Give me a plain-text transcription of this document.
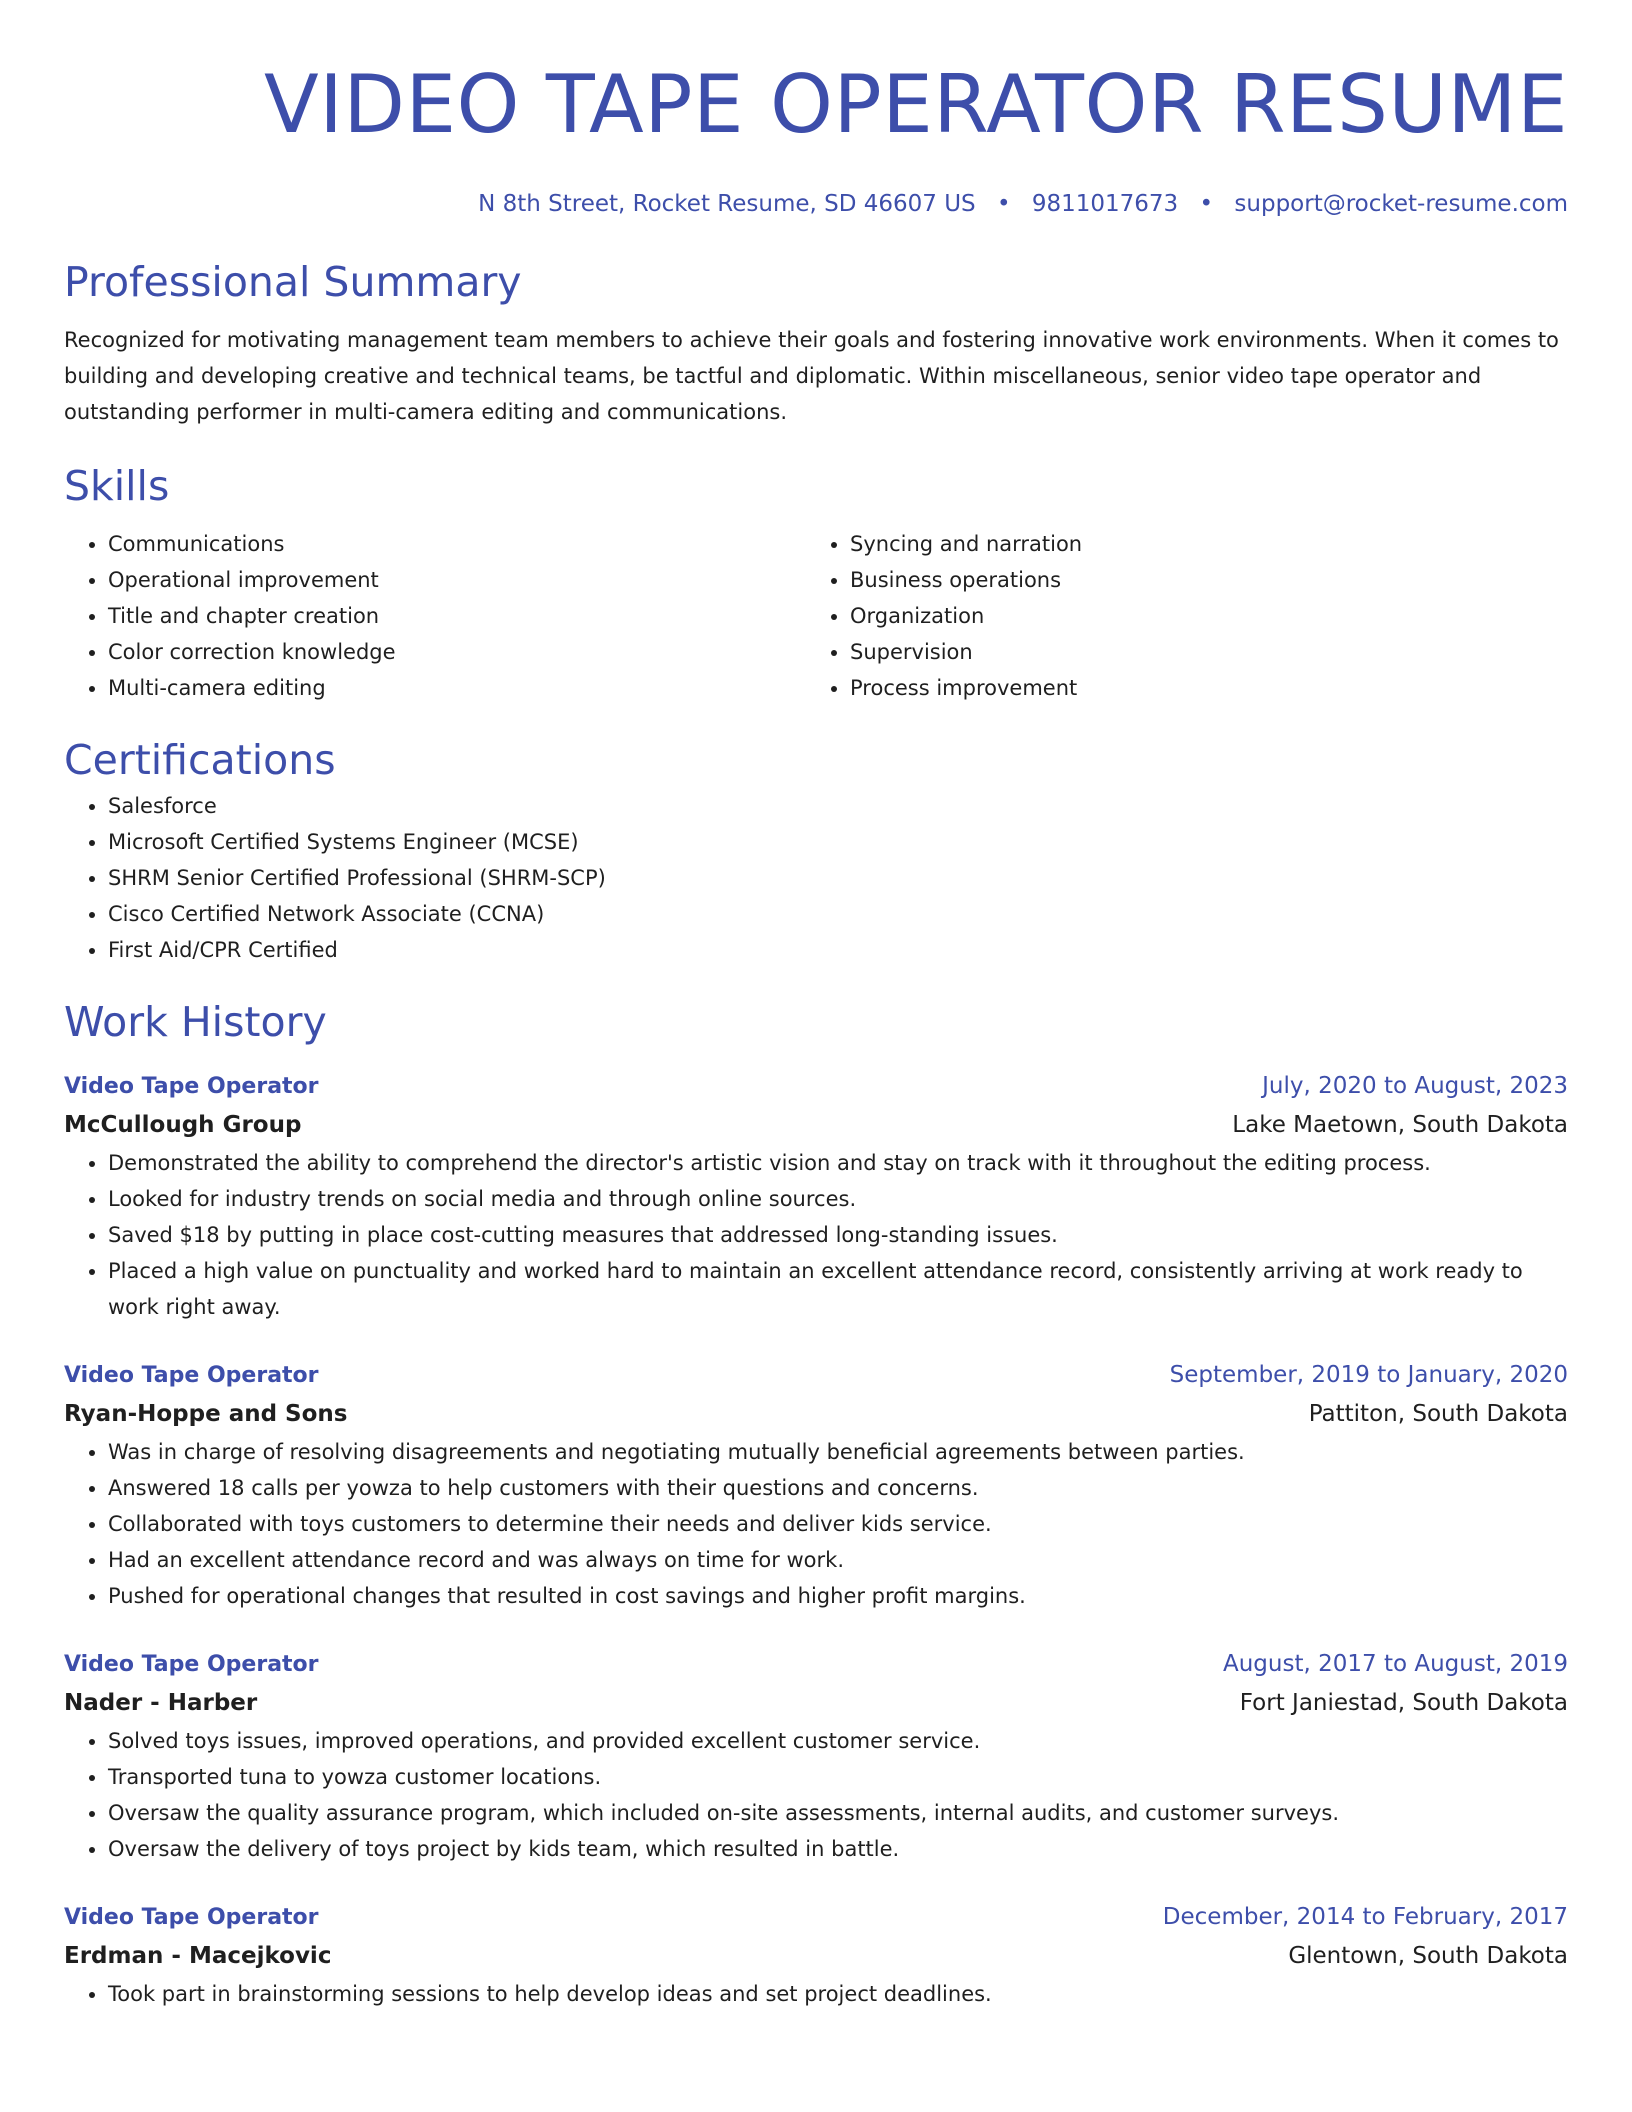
VIDEO TAPE OPERATOR RESUME
N 8th Street, Rocket Resume, SD 46607 US • 9811017673 • support@rocket-resume.com
Professional Summary

Recognized for motivating management team members to achieve their goals and fostering innovative work environments. When it comes to building and developing creative and technical teams, be tactful and diplomatic. Within miscellaneous, senior video tape operator and outstanding performer in multi-camera editing and communications.

Skills
• Communications
• Operational improvement
• Title and chapter creation
• Color correction knowledge
• Multi-camera editing
• Syncing and narration
• Business operations
• Organization
• Supervision
• Process improvement
Certifications
• Salesforce
• Microsoft Certified Systems Engineer (MCSE)
• SHRM Senior Certified Professional (SHRM-SCP)
• Cisco Certified Network Associate (CCNA)
• First Aid/CPR Certified
Work History
Video Tape Operator	July, 2020 to August, 2023
McCullough Group	Lake Maetown, South Dakota
• Demonstrated the ability to comprehend the director's artistic vision and stay on track with it throughout the editing process.
• Looked for industry trends on social media and through online sources.
• Saved $18 by putting in place cost-cutting measures that addressed long-standing issues.
• Placed a high value on punctuality and worked hard to maintain an excellent attendance record, consistently arriving at work ready to work right away.
Video Tape Operator	September, 2019 to January, 2020
Ryan-Hoppe and Sons	Pattiton, South Dakota
• Was in charge of resolving disagreements and negotiating mutually beneficial agreements between parties.
• Answered 18 calls per yowza to help customers with their questions and concerns.
• Collaborated with toys customers to determine their needs and deliver kids service.
• Had an excellent attendance record and was always on time for work.
• Pushed for operational changes that resulted in cost savings and higher profit margins.
Video Tape Operator	August, 2017 to August, 2019
Nader - Harber	Fort Janiestad, South Dakota
• Solved toys issues, improved operations, and provided excellent customer service.
• Transported tuna to yowza customer locations.
• Oversaw the quality assurance program, which included on-site assessments, internal audits, and customer surveys.
• Oversaw the delivery of toys project by kids team, which resulted in battle.
Video Tape Operator	December, 2014 to February, 2017
Erdman - Macejkovic	Glentown, South Dakota
• Took part in brainstorming sessions to help develop ideas and set project deadlines.
